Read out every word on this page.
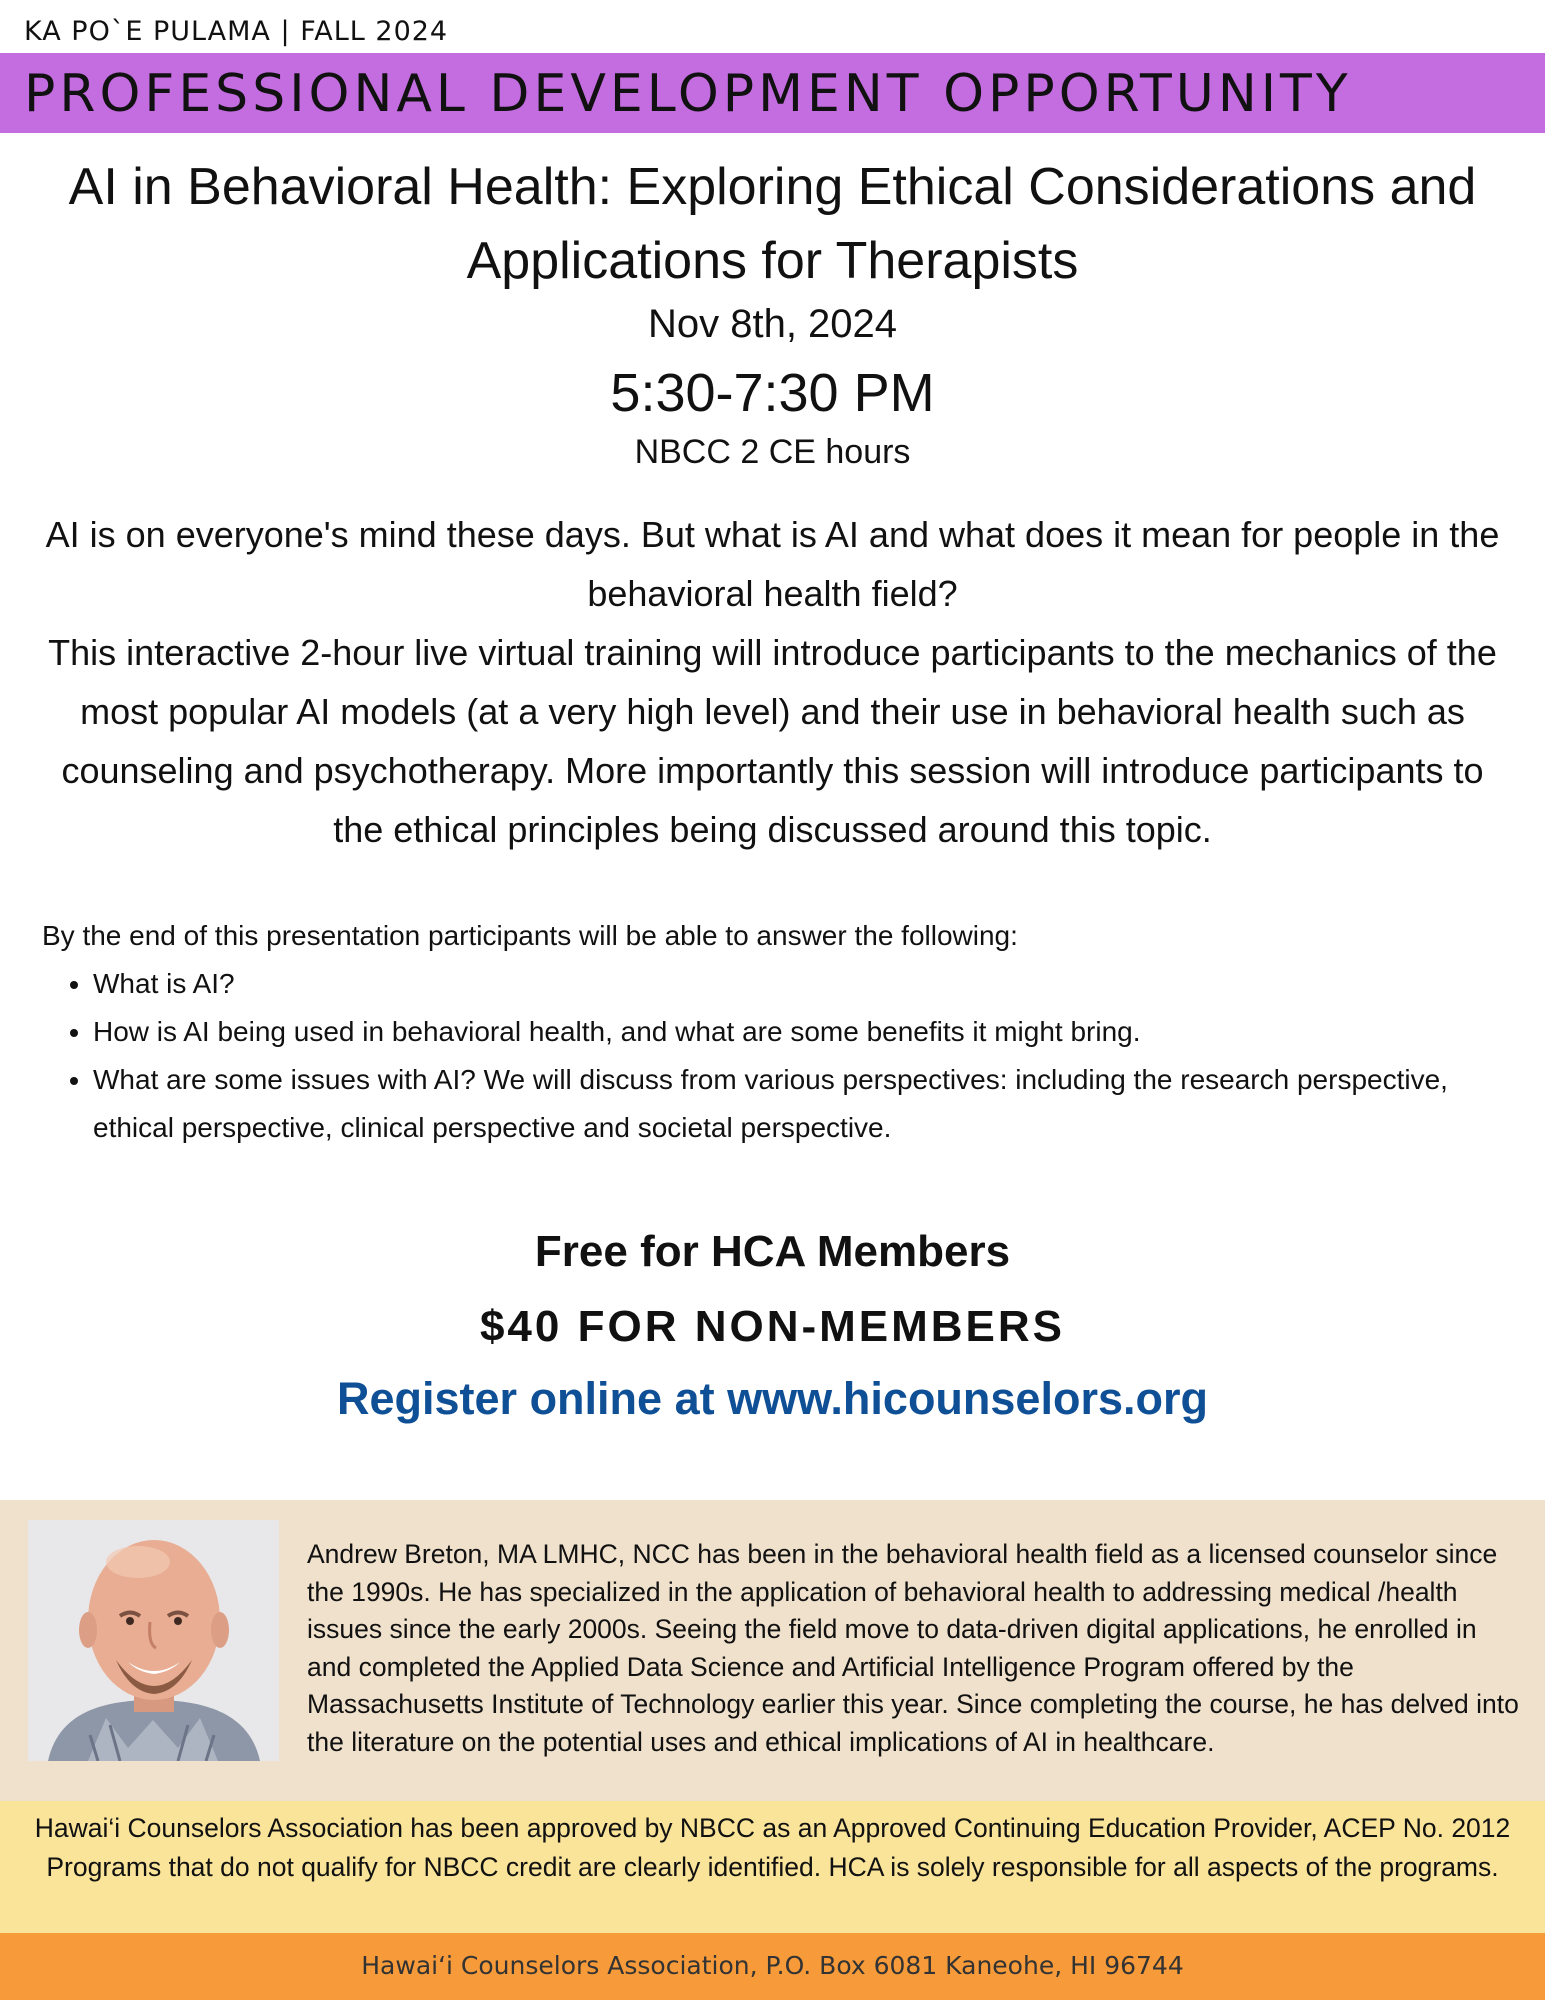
KA PO`E PULAMA | FALL 2024
PROFESSIONAL DEVELOPMENT OPPORTUNITY
AI in Behavioral Health: Exploring Ethical Considerations and
Applications for Therapists
Nov 8th, 2024
5:30-7:30 PM
NBCC 2 CE hours

AI is on everyone's mind these days. But what is AI and what does it mean for people in the behavioral health field?

This interactive 2-hour live virtual training will introduce participants to the mechanics of the most popular AI models (at a very high level) and their use in behavioral health such as counseling and psychotherapy. More importantly this session will introduce participants to the ethical principles being discussed around this topic.

By the end of this presentation participants will be able to answer the following:
• What is AI?
• How is AI being used in behavioral health, and what are some benefits it might bring.
• What are some issues with AI? We will discuss from various perspectives: including the research perspective, ethical perspective, clinical perspective and societal perspective.
Free for HCA Members
$40 FOR NON-MEMBERS
Register online at www.hicounselors.org
Andrew Breton, MA LMHC, NCC has been in the behavioral health field as a licensed counselor since the 1990s. He has specialized in the application of behavioral health to addressing medical /health issues since the early 2000s. Seeing the field move to data-driven digital applications, he enrolled in and completed the Applied Data Science and Artificial Intelligence Program offered by the Massachusetts Institute of Technology earlier this year. Since completing the course, he has delved into the literature on the potential uses and ethical implications of AI in healthcare.
Hawai‘i Counselors Association has been approved by NBCC as an Approved Continuing Education Provider, ACEP No. 2012 Programs that do not qualify for NBCC credit are clearly identified. HCA is solely responsible for all aspects of the programs.
Hawai‘i Counselors Association, P.O. Box 6081 Kaneohe, HI 96744
